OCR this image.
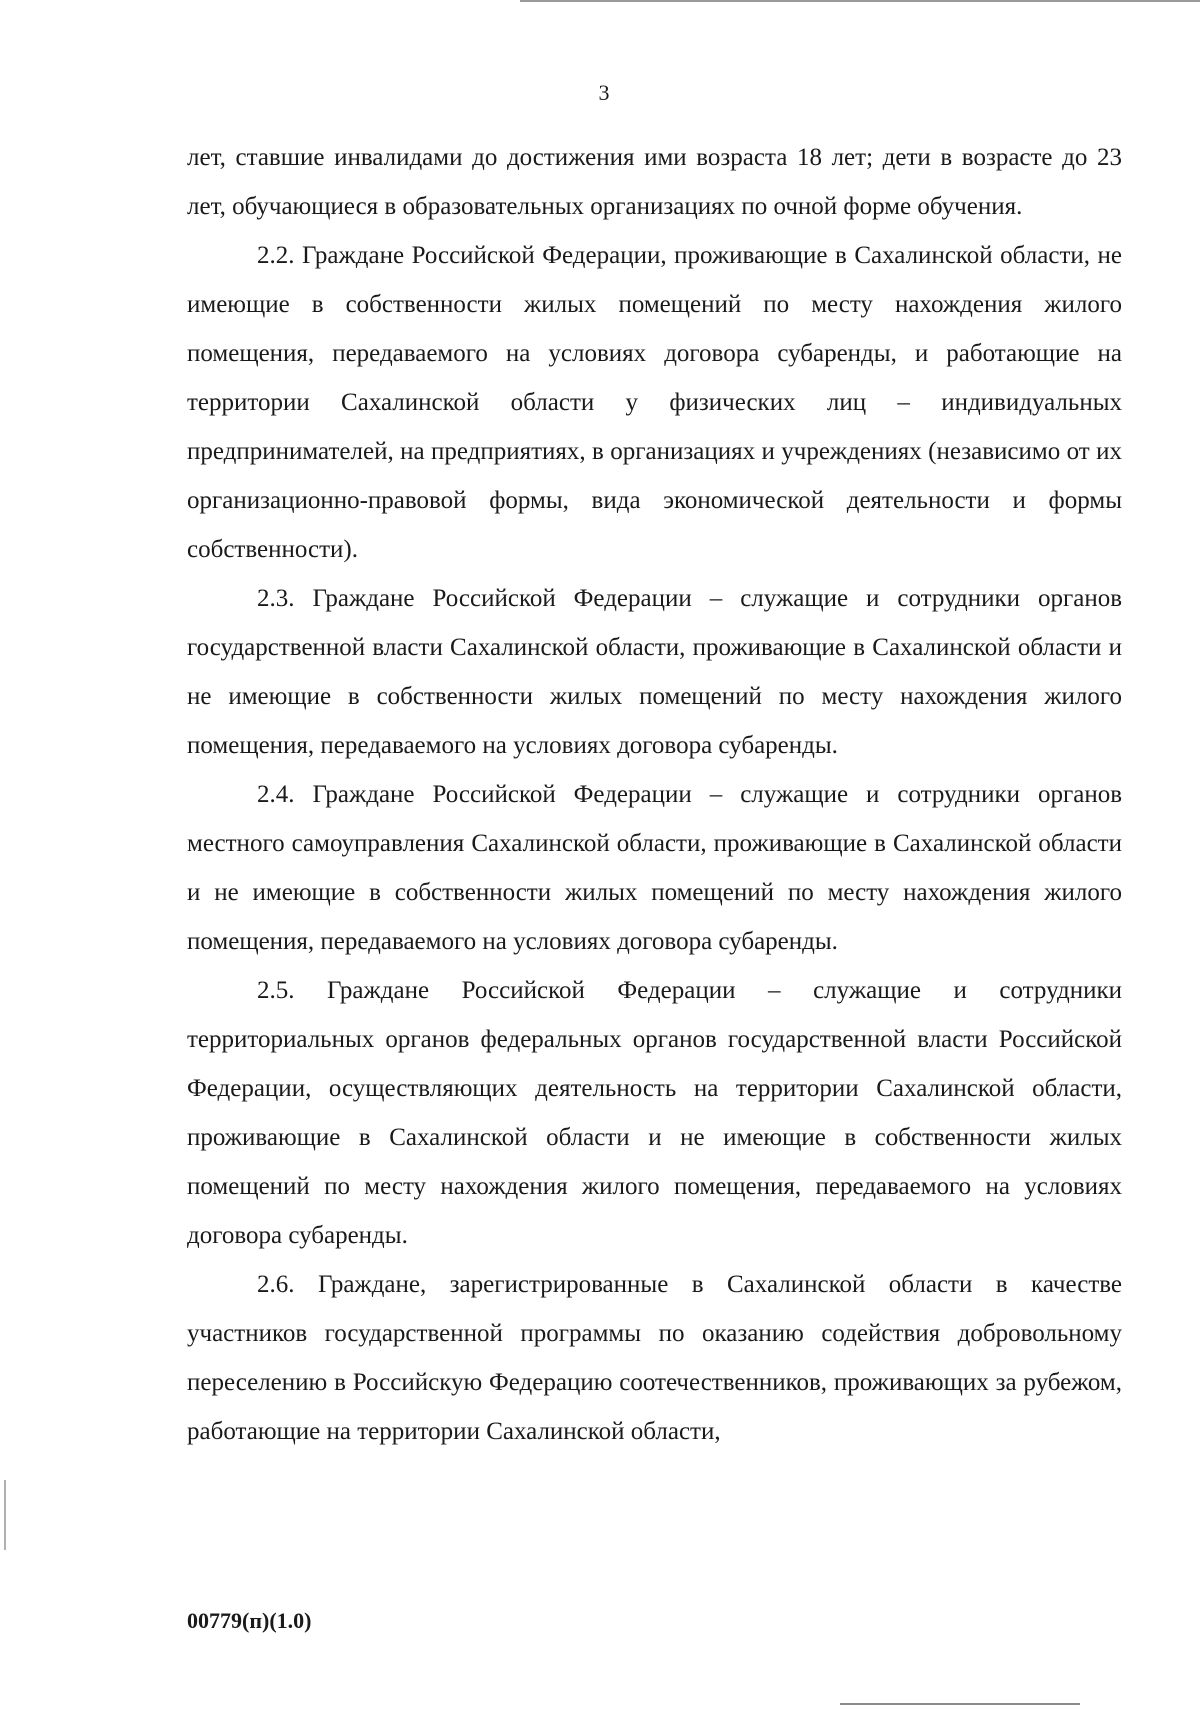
3

лет, ставшие инвалидами до достижения ими возраста 18 лет; дети в возрасте до 23 лет, обучающиеся в образовательных организациях по очной форме обучения.

2.2. Граждане Российской Федерации, проживающие в Сахалинской области, не имеющие в собственности жилых помещений по месту нахождения жилого помещения, передаваемого на условиях договора субаренды, и работающие на территории Сахалинской области у физических лиц – индивидуальных предпринимателей, на предприятиях, в организациях и учреждениях (независимо от их организационно-правовой формы, вида экономической деятельности и формы собственности).

2.3. Граждане Российской Федерации – служащие и сотрудники органов государственной власти Сахалинской области, проживающие в Сахалинской области и не имеющие в собственности жилых помещений по месту нахождения жилого помещения, передаваемого на условиях договора субаренды.

2.4. Граждане Российской Федерации – служащие и сотрудники органов местного самоуправления Сахалинской области, проживающие в Сахалинской области и не имеющие в собственности жилых помещений по месту нахождения жилого помещения, передаваемого на условиях договора субаренды.

2.5. Граждане Российской Федерации – служащие и сотрудники территориальных органов федеральных органов государственной власти Российской Федерации, осуществляющих деятельность на территории Сахалинской области, проживающие в Сахалинской области и не имеющие в собственности жилых помещений по месту нахождения жилого помещения, передаваемого на условиях договора субаренды.

2.6. Граждане, зарегистрированные в Сахалинской области в качестве участников государственной программы по оказанию содействия добровольному переселению в Российскую Федерацию соотечественников, проживающих за рубежом, работающие на территории Сахалинской области,

00779(п)(1.0)
